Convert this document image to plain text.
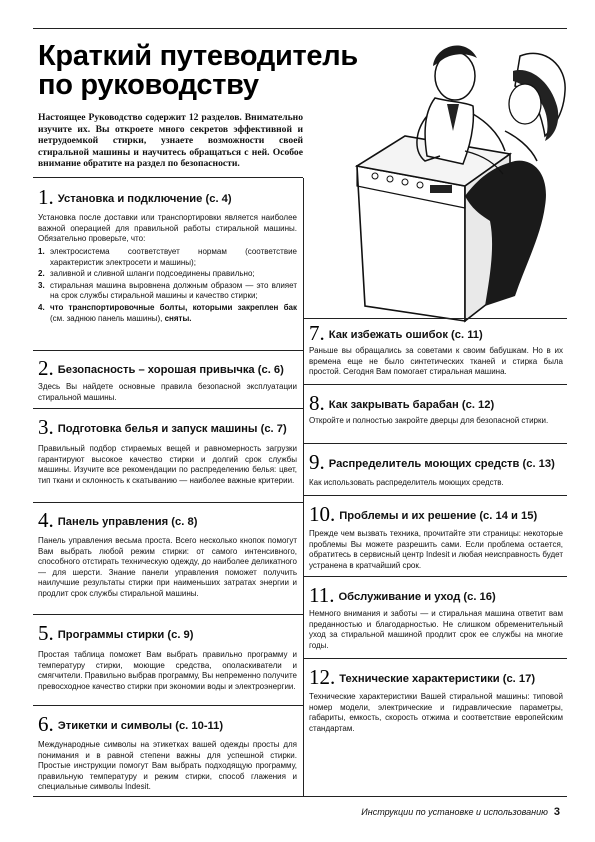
Краткий путеводитель
по руководству
Настоящее Руководство содержит 12 разделов. Внимательно изучите их. Вы откроете много секретов эффективной и нетрудоемкой стирки, узнаете возможности своей стиральной машины и научитесь обращаться с ней. Особое внимание обратите на раздел по безопасности.
1. Установка и подключение (с. 4)
Установка после доставки или транспортировки является наиболее важной операцией для правильной работы стиральной машины. Обязательно проверьте, что:
1. электросистема соответствует нормам (соответствие характеристик электросети и машины);
2. заливной и сливной шланги подсоединены правильно;
3. стиральная машина выровнена должным образом — это влияет на срок службы стиральной машины и качество стирки;
4. что транспортировочные болты, которыми закреплен бак (см. заднюю панель машины), сняты.
2. Безопасность – хорошая привычка (с. 6)
Здесь Вы найдете основные правила безопасной эксплуатации стиральной машины.
3. Подготовка белья и запуск машины (с. 7)
Правильный подбор стираемых вещей и равномерность загрузки гарантируют высокое качество стирки и долгий срок службы машины. Изучите все рекомендации по распределению белья: цвет, тип ткани и склонность к скатыванию — наиболее важные критерии.
4. Панель управления (с. 8)
Панель управления весьма проста. Всего несколько кнопок помогут Вам выбрать любой режим стирки: от самого интенсивного, способного отстирать техническую одежду, до наиболее деликатного — для шерсти. Знание панели управления поможет получить наилучшие результаты стирки при наименьших затратах энергии и продлит срок службы стиральной машины.
5. Программы стирки (с. 9)
Простая таблица поможет Вам выбрать правильно программу и температуру стирки, моющие средства, ополаскиватели и смягчители. Правильно выбрав программу, Вы непременно получите превосходное качество стирки при экономии воды и электроэнергии.
6. Этикетки и символы (с. 10-11)
Международные символы на этикетках вашей одежды просты для понимания и в равной степени важны для успешной стирки. Простые инструкции помогут Вам выбрать подходящую программу, правильную температуру и режим стирки, способ глажения и специальные символы Indesit.
7. Как избежать ошибок (с. 11)
Раньше вы обращались за советами к своим бабушкам. Но в их времена еще не было синтетических тканей и стирка была простой. Сегодня Вам помогает стиральная машина.
8. Как закрывать барабан (с. 12)
Откройте и полностью закройте дверцы для безопасной стирки.
9. Распределитель моющих средств (с. 13)
Как использовать распределитель моющих средств.
10. Проблемы и их решение (с. 14 и 15)
Прежде чем вызвать техника, прочитайте эти страницы: некоторые проблемы Вы можете разрешить сами. Если проблема остается, обратитесь в сервисный центр Indesit и любая неисправность будет устранена в кратчайший срок.
11. Обслуживание и уход (с. 16)
Немного внимания и заботы — и стиральная машина ответит вам преданностью и благодарностью. Не слишком обременительный уход за стиральной машиной продлит срок ее службы на многие годы.
12. Технические характеристики (с. 17)
Технические характеристики Вашей стиральной машины: типовой номер модели, электрические и гидравлические параметры, габариты, емкость, скорость отжима и соответствие европейским стандартам.
Инструкции по установке и использованию 3
